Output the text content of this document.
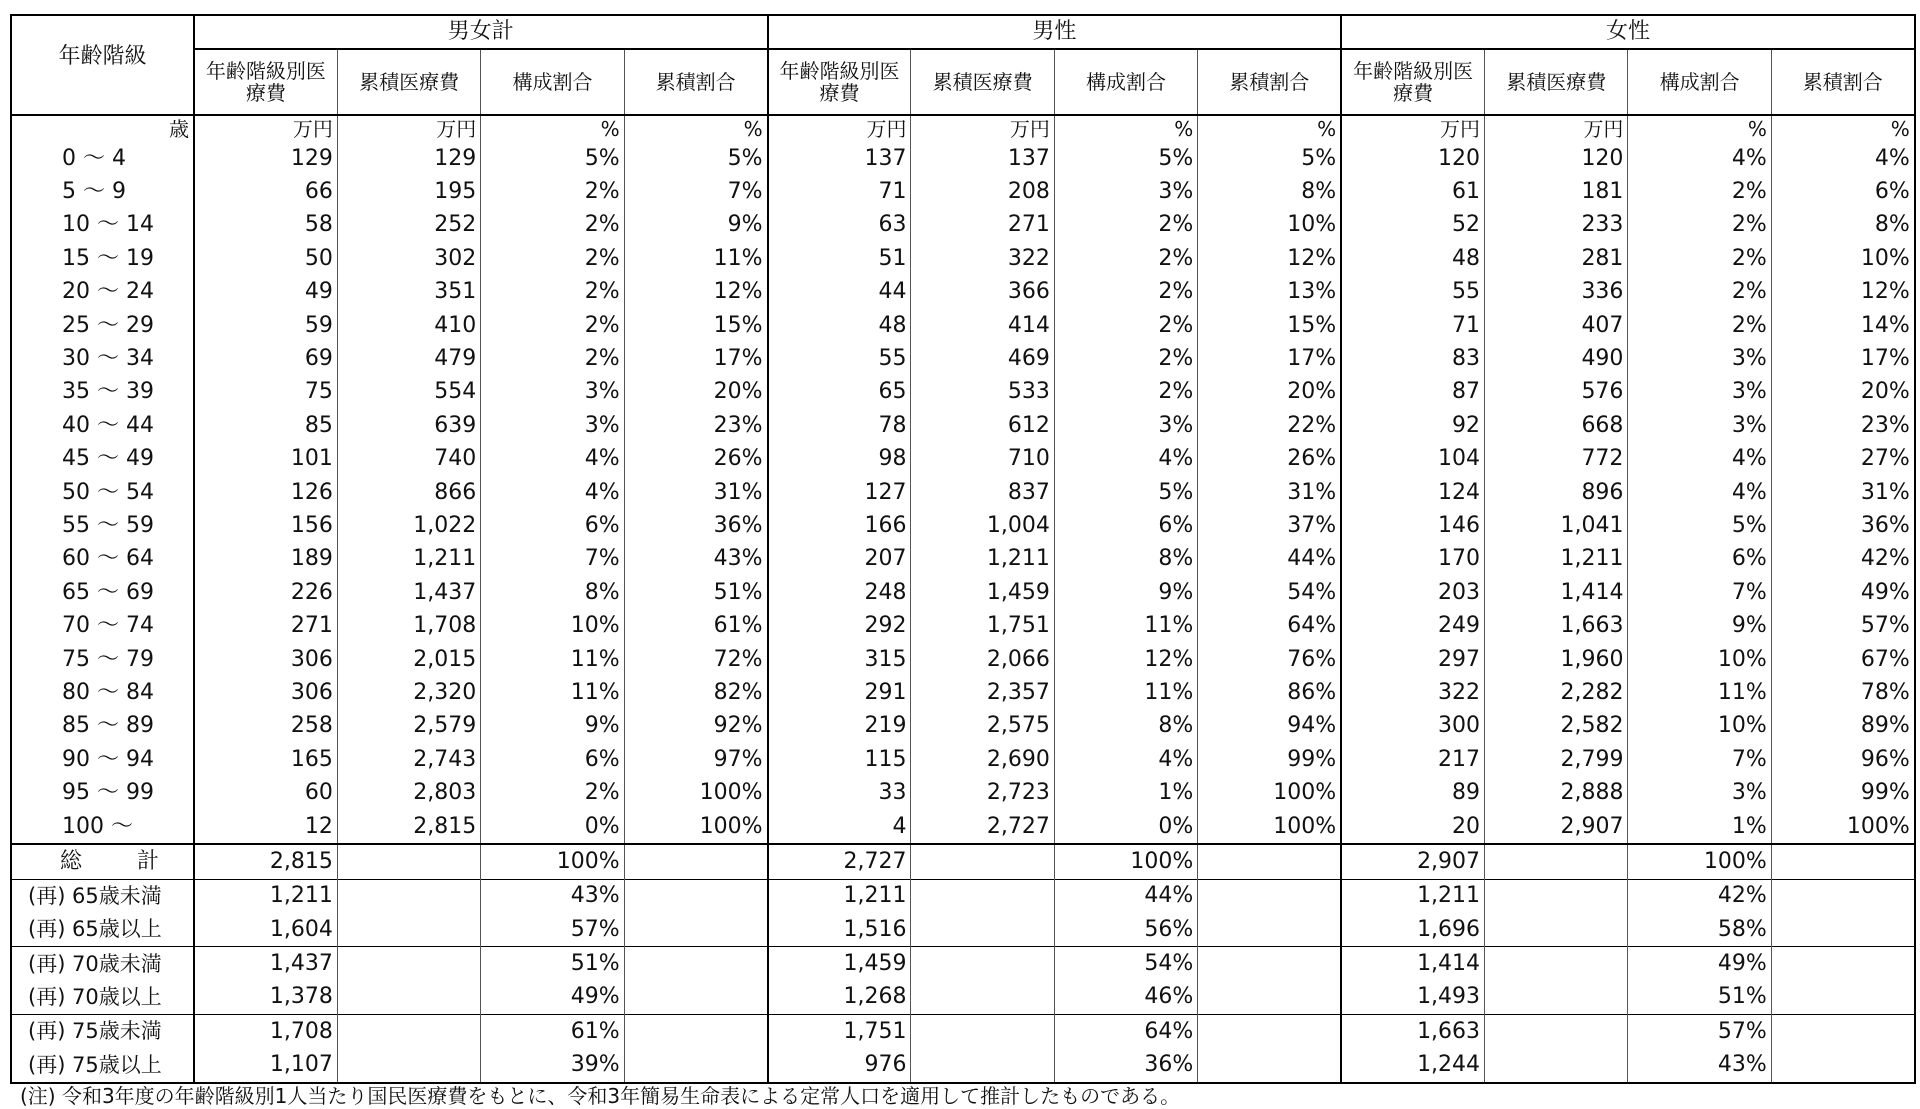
年齢階級	男女計				男性				女性			
	年齢階級別医療費	累積医療費	構成割合	累積割合	年齢階級別医療費	累積医療費	構成割合	累積割合	年齢階級別医療費	累積医療費	構成割合	累積割合
歳	万円	万円	%	%	万円	万円	%	%	万円	万円	%	%
0 ～ 4	129	129	5%	5%	137	137	5%	5%	120	120	4%	4%
5 ～ 9	66	195	2%	7%	71	208	3%	8%	61	181	2%	6%
10 ～ 14	58	252	2%	9%	63	271	2%	10%	52	233	2%	8%
15 ～ 19	50	302	2%	11%	51	322	2%	12%	48	281	2%	10%
20 ～ 24	49	351	2%	12%	44	366	2%	13%	55	336	2%	12%
25 ～ 29	59	410	2%	15%	48	414	2%	15%	71	407	2%	14%
30 ～ 34	69	479	2%	17%	55	469	2%	17%	83	490	3%	17%
35 ～ 39	75	554	3%	20%	65	533	2%	20%	87	576	3%	20%
40 ～ 44	85	639	3%	23%	78	612	3%	22%	92	668	3%	23%
45 ～ 49	101	740	4%	26%	98	710	4%	26%	104	772	4%	27%
50 ～ 54	126	866	4%	31%	127	837	5%	31%	124	896	4%	31%
55 ～ 59	156	1,022	6%	36%	166	1,004	6%	37%	146	1,041	5%	36%
60 ～ 64	189	1,211	7%	43%	207	1,211	8%	44%	170	1,211	6%	42%
65 ～ 69	226	1,437	8%	51%	248	1,459	9%	54%	203	1,414	7%	49%
70 ～ 74	271	1,708	10%	61%	292	1,751	11%	64%	249	1,663	9%	57%
75 ～ 79	306	2,015	11%	72%	315	2,066	12%	76%	297	1,960	10%	67%
80 ～ 84	306	2,320	11%	82%	291	2,357	11%	86%	322	2,282	11%	78%
85 ～ 89	258	2,579	9%	92%	219	2,575	8%	94%	300	2,582	10%	89%
90 ～ 94	165	2,743	6%	97%	115	2,690	4%	99%	217	2,799	7%	96%
95 ～ 99	60	2,803	2%	100%	33	2,723	1%	100%	89	2,888	3%	99%
100 ～	12	2,815	0%	100%	4	2,727	0%	100%	20	2,907	1%	100%
総 計	2,815		100%		2,727		100%		2,907		100%	
(再) 65歳未満	1,211		43%		1,211		44%		1,211		42%	
(再) 65歳以上	1,604		57%		1,516		56%		1,696		58%	
(再) 70歳未満	1,437		51%		1,459		54%		1,414		49%	
(再) 70歳以上	1,378		49%		1,268		46%		1,493		51%	
(再) 75歳未満	1,708		61%		1,751		64%		1,663		57%	
(再) 75歳以上	1,107		39%		976		36%		1,244		43%	
(注) 令和3年度の年齢階級別1人当たり国民医療費をもとに、令和3年簡易生命表による定常人口を適用して推計したものである。
